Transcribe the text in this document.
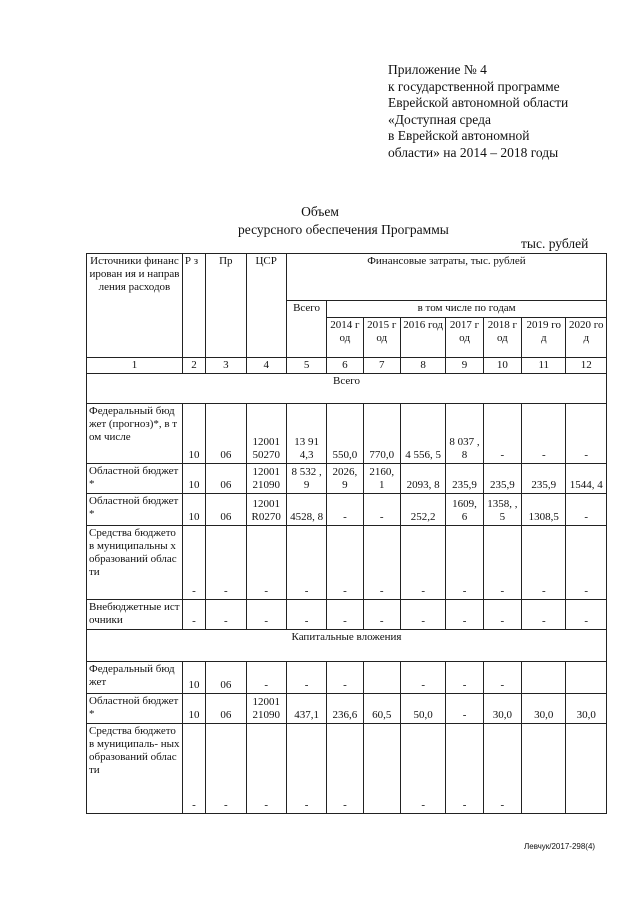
Приложение № 4
к государственной программе
Еврейской автономной области
«Доступная среда
в Еврейской автономной
области» на 2014 – 2018 годы
Объем
ресурсного обеспечения Программы
тыс. рублей
Источники финансирован ия и направления расходов	Р з	Пр	ЦСР	Финансовые затраты, тыс. рублей							
				Всего	в том числе по годам						
					2014 год	2015 год	2016 год	2017 год	2018 год	2019 год	2020 год
1	2	3	4	5	6	7	8	9	10	11	12
Всего											
Федеральный бюджет (прогноз)*, в том числе	10	06	12001 50270	13 91 4,3	550,0	770,0	4 556, 5	8 037 ,8	-	-	-
Областной бюджет *	10	06	12001 21090	8 532 ,9	2026, 9	2160, 1	2093, 8	235,9	235,9	235,9	1544, 4
Областной бюджет *	10	06	12001 R0270	4528, 8	-	-	252,2	1609, 6	1358, ,5	1308,5	-
Средства бюджетов муниципальны х образований области	-	-	-	-	-	-	-	-	-	-	-
Внебюджетные источники	-	-	-	-	-	-	-	-	-	-	-
Капитальные вложения											
Федеральный бюджет	10	06	-	-	-		-	-	-		
Областной бюджет *	10	06	12001 21090	437,1	236,6	60,5	50,0	-	30,0	30,0	30,0
Средства бюджетов муниципаль- ных образований области	-	-	-	-	-		-	-	-		
Левчук/2017-298(4)
